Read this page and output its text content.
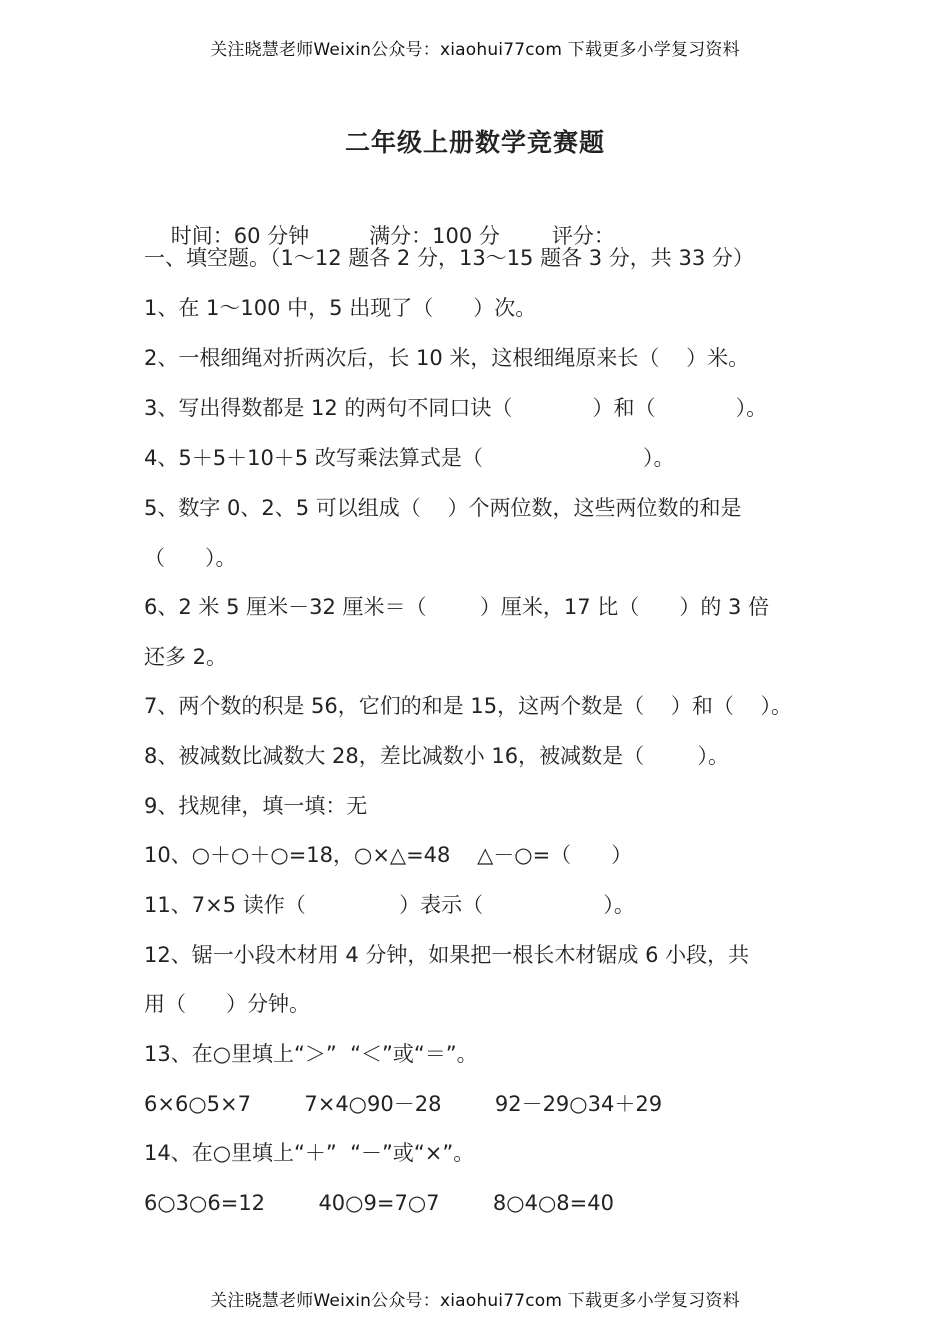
关注晓慧老师Weixin公众号：xiaohui77com 下载更多小学复习资料
二年级上册数学竞赛题

时间：60 分钟	满分：100 分 评分：

一、填空题。（1～12 题各 2 分，13～15 题各 3 分，共 33 分）
1、在 1～100 中，5 出现了（      ）次。
2、一根细绳对折两次后，长 10 米，这根细绳原来长（    ）米。
3、写出得数都是 12 的两句不同口诀（            ）和（            ）。
4、5＋5＋10＋5 改写乘法算式是（                        ）。
5、数字 0、2、5 可以组成（    ）个两位数，这些两位数的和是
（      ）。
6、2 米 5 厘米－32 厘米＝（        ）厘米，17 比（      ）的 3 倍
还多 2。
7、两个数的积是 56，它们的和是 15，这两个数是（    ）和（    ）。
8、被减数比减数大 28，差比减数小 16，被减数是（        ）。
9、找规律，填一填：无
10、○＋○＋○=18，○×△=48    △－○=（      ）
11、7×5 读作（              ）表示（                  ）。
12、锯一小段木材用 4 分钟，如果把一根长木材锯成 6 小段，共
用（      ）分钟。
13、在○里填上“＞”  “＜”或“＝”。
6×6○5×7        7×4○90－28        92－29○34＋29
14、在○里填上“＋”  “－”或“×”。
6○3○6=12        40○9=7○7        8○4○8=40
关注晓慧老师Weixin公众号：xiaohui77com 下载更多小学复习资料
